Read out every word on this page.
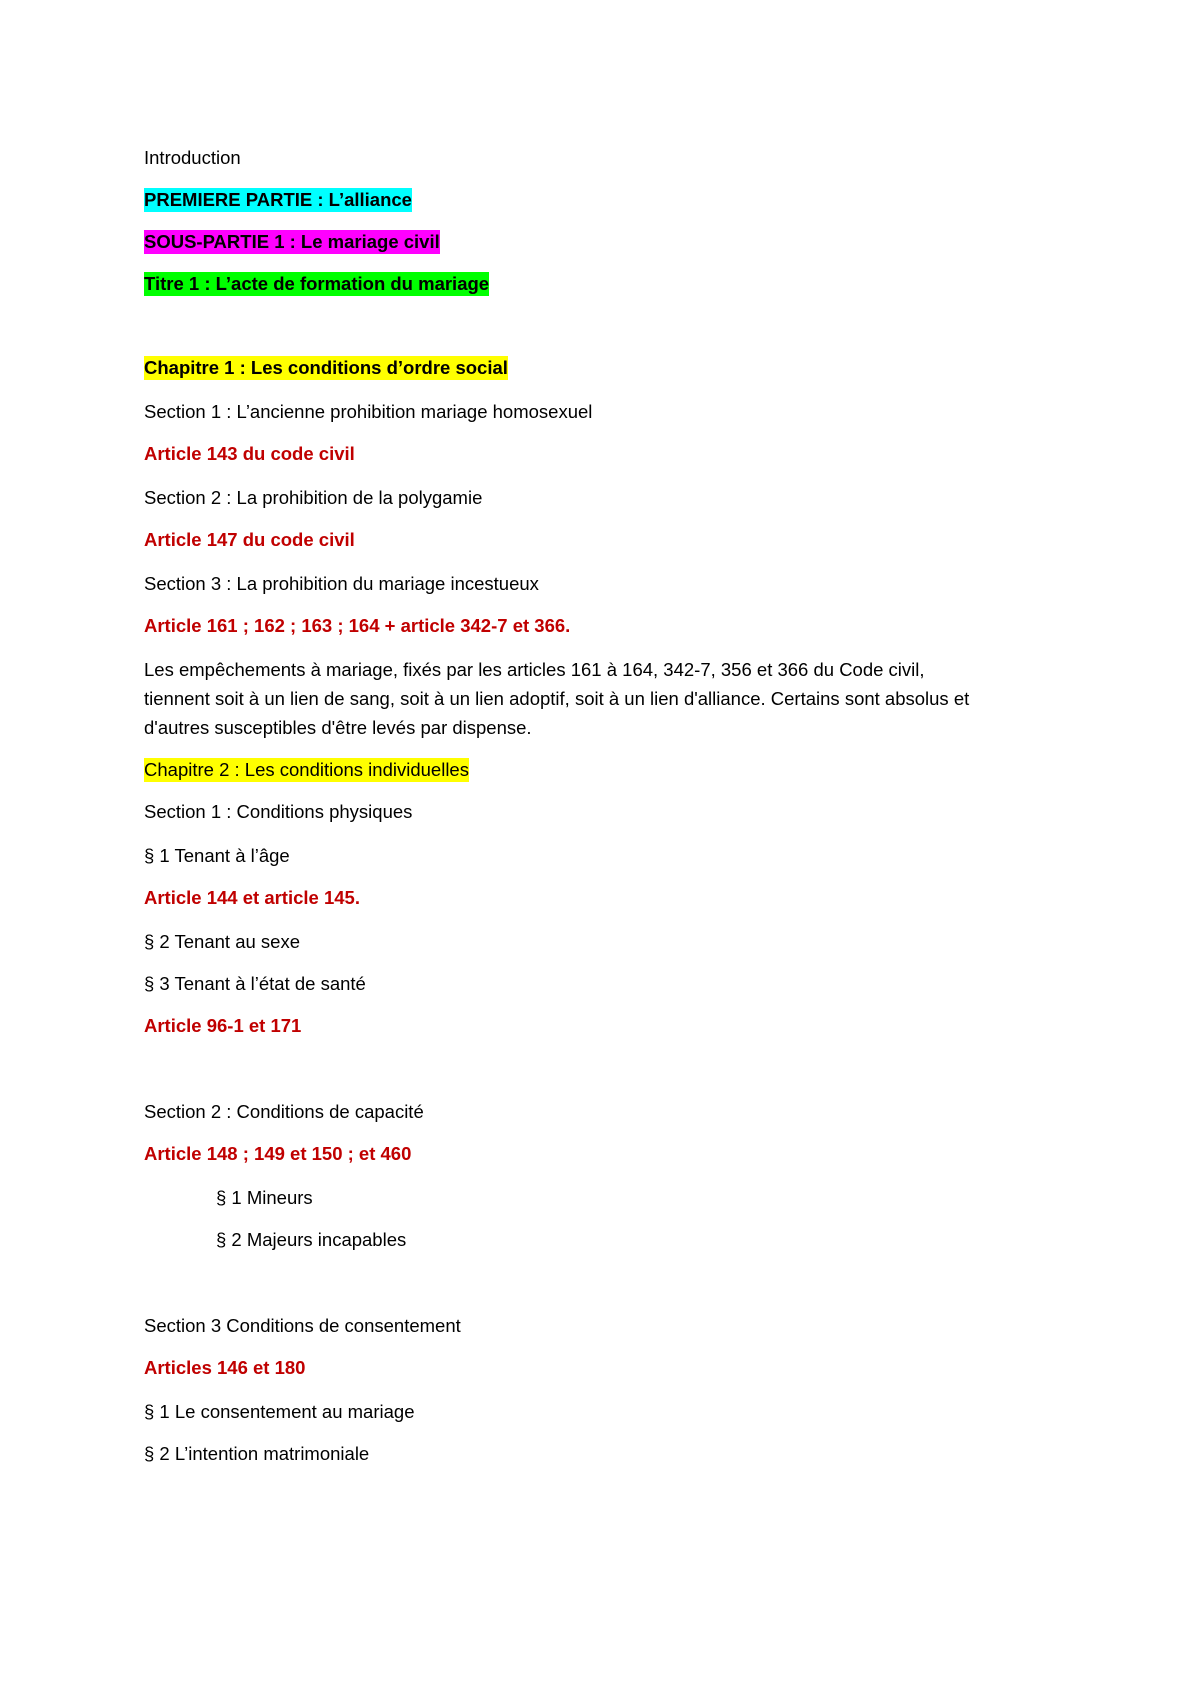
Introduction
PREMIERE PARTIE : L’alliance
SOUS-PARTIE 1 : Le mariage civil
Titre 1 : L’acte de formation du mariage
Chapitre 1 : Les conditions d’ordre social
Section 1 : L’ancienne prohibition mariage homosexuel
Article 143 du code civil
Section 2 : La prohibition de la polygamie
Article 147 du code civil
Section 3 : La prohibition du mariage incestueux
Article 161 ; 162 ; 163 ; 164 + article 342-7 et 366.
Les empêchements à mariage, fixés par les articles 161 à 164, 342-7, 356 et 366 du Code civil,
tiennent soit à un lien de sang, soit à un lien adoptif, soit à un lien d'alliance. Certains sont absolus et
d'autres susceptibles d'être levés par dispense.
Chapitre 2 : Les conditions individuelles
Section 1 : Conditions physiques
§ 1 Tenant à l’âge
Article 144 et article 145.
§ 2 Tenant au sexe
§ 3 Tenant à l’état de santé
Article 96-1 et 171
Section 2 : Conditions de capacité
Article 148 ; 149 et 150 ; et 460
§ 1 Mineurs
§ 2 Majeurs incapables
Section 3 Conditions de consentement
Articles 146 et 180
§ 1 Le consentement au mariage
§ 2 L’intention matrimoniale
